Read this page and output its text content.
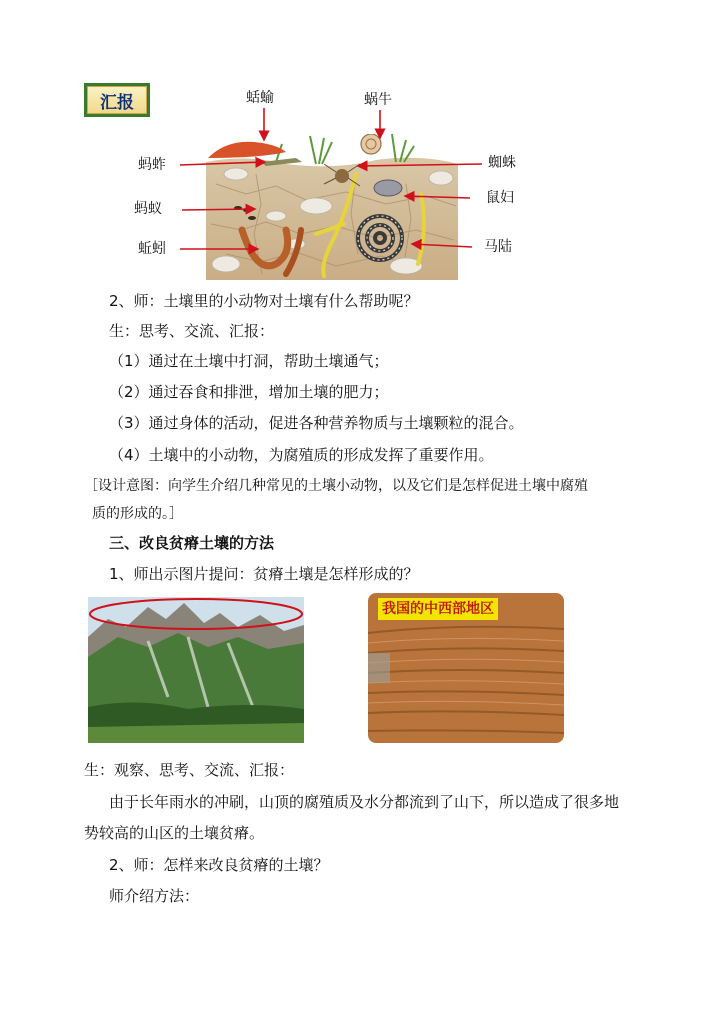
汇报	蛞蝓	蜗牛
蚂蚱	蜘蛛
蚂蚁
鼠妇
蚯蚓	马陆
2、师：土壤里的小动物对土壤有什么帮助呢？
生：思考、交流、汇报：
（1）通过在土壤中打洞，帮助土壤通气；
（2）通过吞食和排泄，增加土壤的肥力；
（3）通过身体的活动，促进各种营养物质与土壤颗粒的混合。
（4）土壤中的小动物，为腐殖质的形成发挥了重要作用。
［设计意图：向学生介绍几种常见的土壤小动物，以及它们是怎样促进土壤中腐殖
质的形成的。］
三、改良贫瘠土壤的方法
1、师出示图片提问：贫瘠土壤是怎样形成的？
我国的中西部地区
生：观察、思考、交流、汇报：
由于长年雨水的冲刷，山顶的腐殖质及水分都流到了山下，所以造成了很多地
势较高的山区的土壤贫瘠。
2、师：怎样来改良贫瘠的土壤？
师介绍方法：
